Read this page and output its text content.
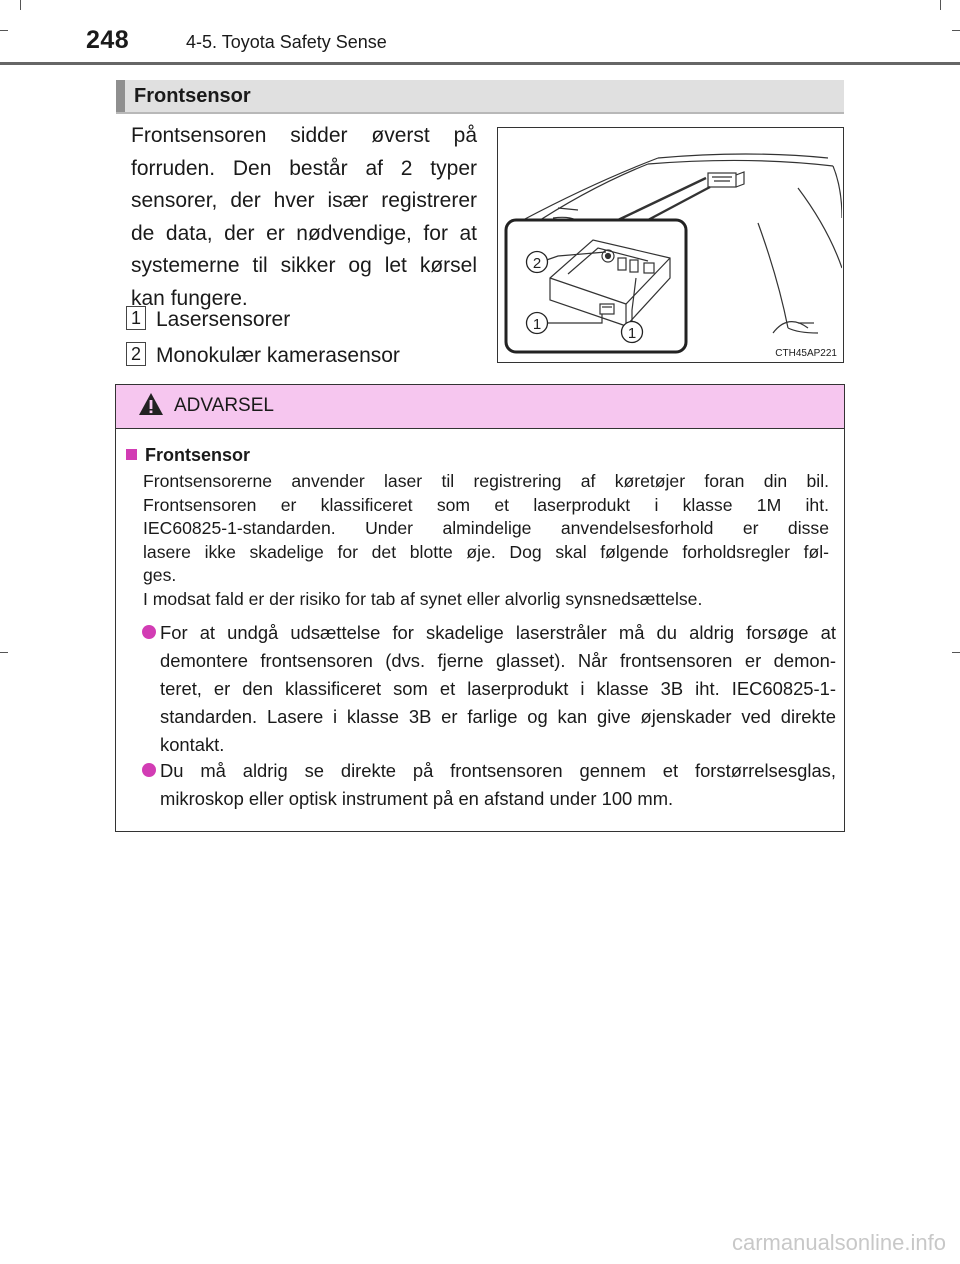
248	4-5. Toyota Safety Sense
Frontsensor
Frontsensoren sidder øverst på
forruden. Den består af 2 typer
sensorer, der hver især registrerer
de data, der er nødvendige, for at
systemerne til sikker og let kørsel
kan fungere.
1 Lasersensorer
2 Monokulær kamerasensor
2
1
1
CTH45AP221
ADVARSEL
Frontsensor
Frontsensorerne anvender laser til registrering af køretøjer foran din bil.
Frontsensoren er klassificeret som et laserprodukt i klasse 1M iht.
IEC60825-1-standarden. Under almindelige anvendelsesforhold er disse
lasere ikke skadelige for det blotte øje. Dog skal følgende forholdsregler føl-
ges.
I modsat fald er der risiko for tab af synet eller alvorlig synsnedsættelse.
For at undgå udsættelse for skadelige laserstråler må du aldrig forsøge at
demontere frontsensoren (dvs. fjerne glasset). Når frontsensoren er demon-
teret, er den klassificeret som et laserprodukt i klasse 3B iht. IEC60825-1-
standarden. Lasere i klasse 3B er farlige og kan give øjenskader ved direkte
kontakt.
Du må aldrig se direkte på frontsensoren gennem et forstørrelsesglas,
mikroskop eller optisk instrument på en afstand under 100 mm.
carmanualsonline.info
